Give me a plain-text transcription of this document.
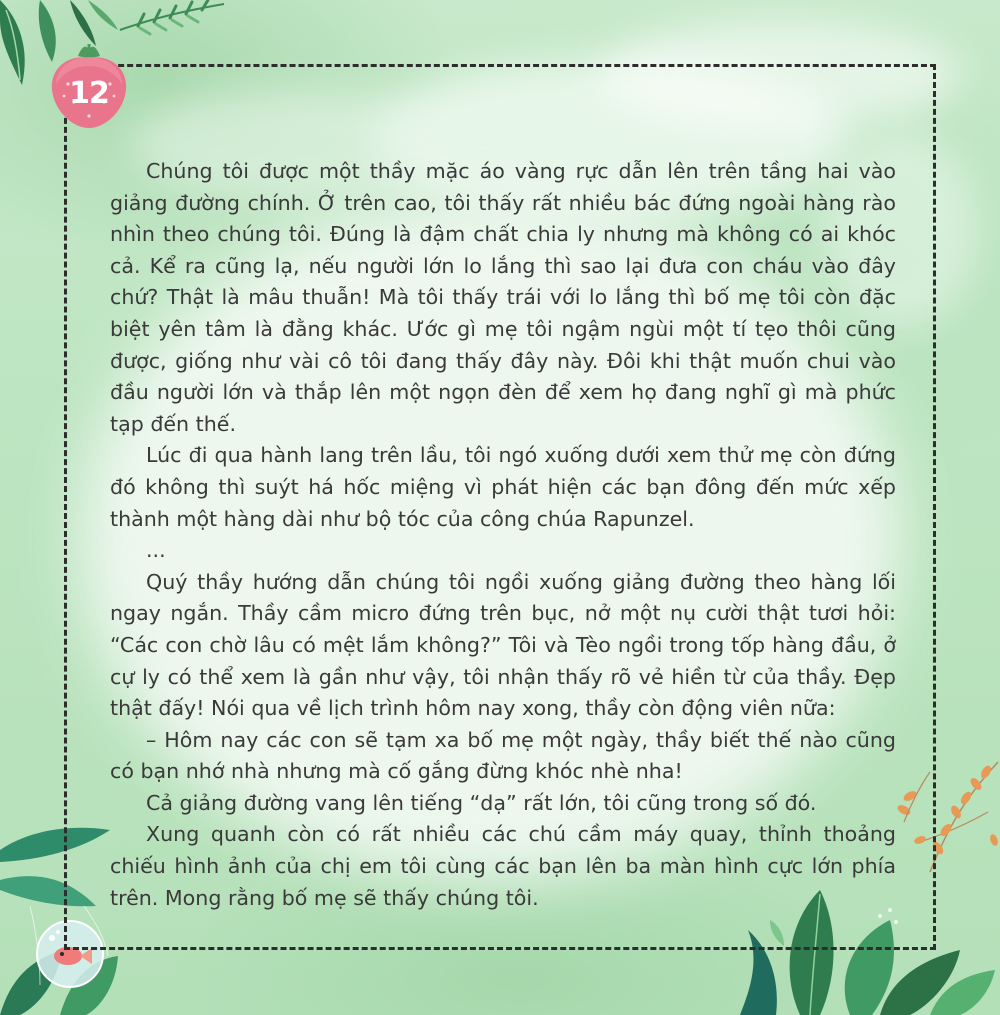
12

Chúng tôi được một thầy mặc áo vàng rực dẫn lên trên tầng hai vào giảng đường chính. Ở trên cao, tôi thấy rất nhiều bác đứng ngoài hàng rào nhìn theo chúng tôi. Đúng là đậm chất chia ly nhưng mà không có ai khóc cả. Kể ra cũng lạ, nếu người lớn lo lắng thì sao lại đưa con cháu vào đây chứ? Thật là mâu thuẫn! Mà tôi thấy trái với lo lắng thì bố mẹ tôi còn đặc biệt yên tâm là đằng khác. Ước gì mẹ tôi ngậm ngùi một tí tẹo thôi cũng được, giống như vài cô tôi đang thấy đây này. Đôi khi thật muốn chui vào đầu người lớn và thắp lên một ngọn đèn để xem họ đang nghĩ gì mà phức tạp đến thế.

Lúc đi qua hành lang trên lầu, tôi ngó xuống dưới xem thử mẹ còn đứng đó không thì suýt há hốc miệng vì phát hiện các bạn đông đến mức xếp thành một hàng dài như bộ tóc của công chúa Rapunzel.

...

Quý thầy hướng dẫn chúng tôi ngồi xuống giảng đường theo hàng lối ngay ngắn. Thầy cầm micro đứng trên bục, nở một nụ cười thật tươi hỏi: “Các con chờ lâu có mệt lắm không?” Tôi và Tèo ngồi trong tốp hàng đầu, ở cự ly có thể xem là gần như vậy, tôi nhận thấy rõ vẻ hiền từ của thầy. Đẹp thật đấy! Nói qua về lịch trình hôm nay xong, thầy còn động viên nữa:

– Hôm nay các con sẽ tạm xa bố mẹ một ngày, thầy biết thế nào cũng có bạn nhớ nhà nhưng mà cố gắng đừng khóc nhè nha!

Cả giảng đường vang lên tiếng “dạ” rất lớn, tôi cũng trong số đó.

Xung quanh còn có rất nhiều các chú cầm máy quay, thỉnh thoảng chiếu hình ảnh của chị em tôi cùng các bạn lên ba màn hình cực lớn phía trên. Mong rằng bố mẹ sẽ thấy chúng tôi.
